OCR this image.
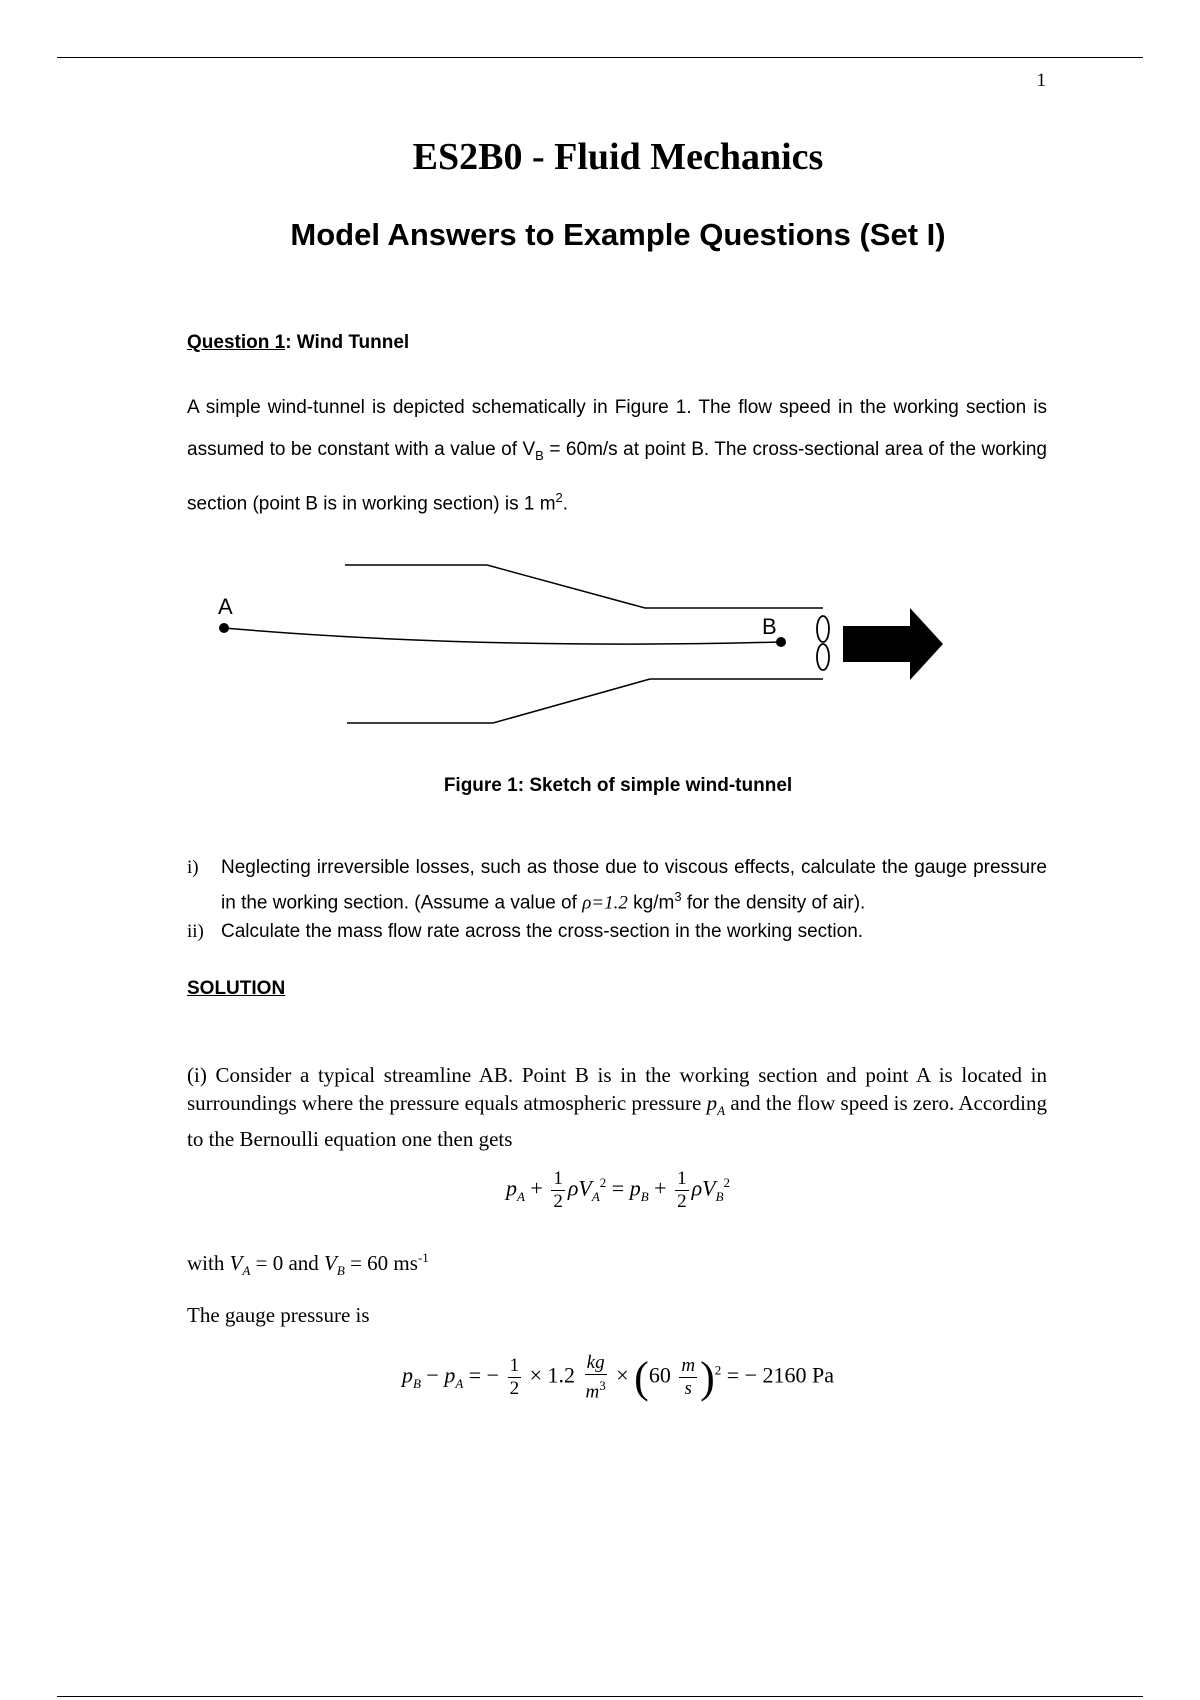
1
ES2B0 - Fluid Mechanics
Model Answers to Example Questions (Set I)
Question 1: Wind Tunnel
A simple wind-tunnel is depicted schematically in Figure 1. The flow speed in the working section is assumed to be constant with a value of $V_B = 60m/s$ at point B. The cross-sectional area of the working section (point B is in working section) is 1 $m^2$.
A
B
Figure 1: Sketch of simple wind-tunnel
i)	Neglecting irreversible losses, such as those due to viscous effects, calculate the gauge pressure in the working section. (Assume a value of ρ=1.2 $kg/m^3$ for the density of air).
ii) Calculate the mass flow rate across the cross-section in the working section.
SOLUTION
(i) Consider a typical streamline AB. Point B is in the working section and point A is located in surroundings where the pressure equals atmospheric pressure $p_A$ and the flow speed is zero. According to the Bernoulli equation one then gets
$p_A + \frac{1}{2} \rho V_A^2 = p_B + \frac{1}{2} \rho V_B^2$
with $V_A = 0$ and $V_B = 60$ $ms^{-1}$
The gauge pressure is
$p_B - p_A$ = − $\frac{1}{2} \times 1.2 \frac{kg}{m^3} \times (60 \frac{m}{s} )^2$ = − 2160 Pa
